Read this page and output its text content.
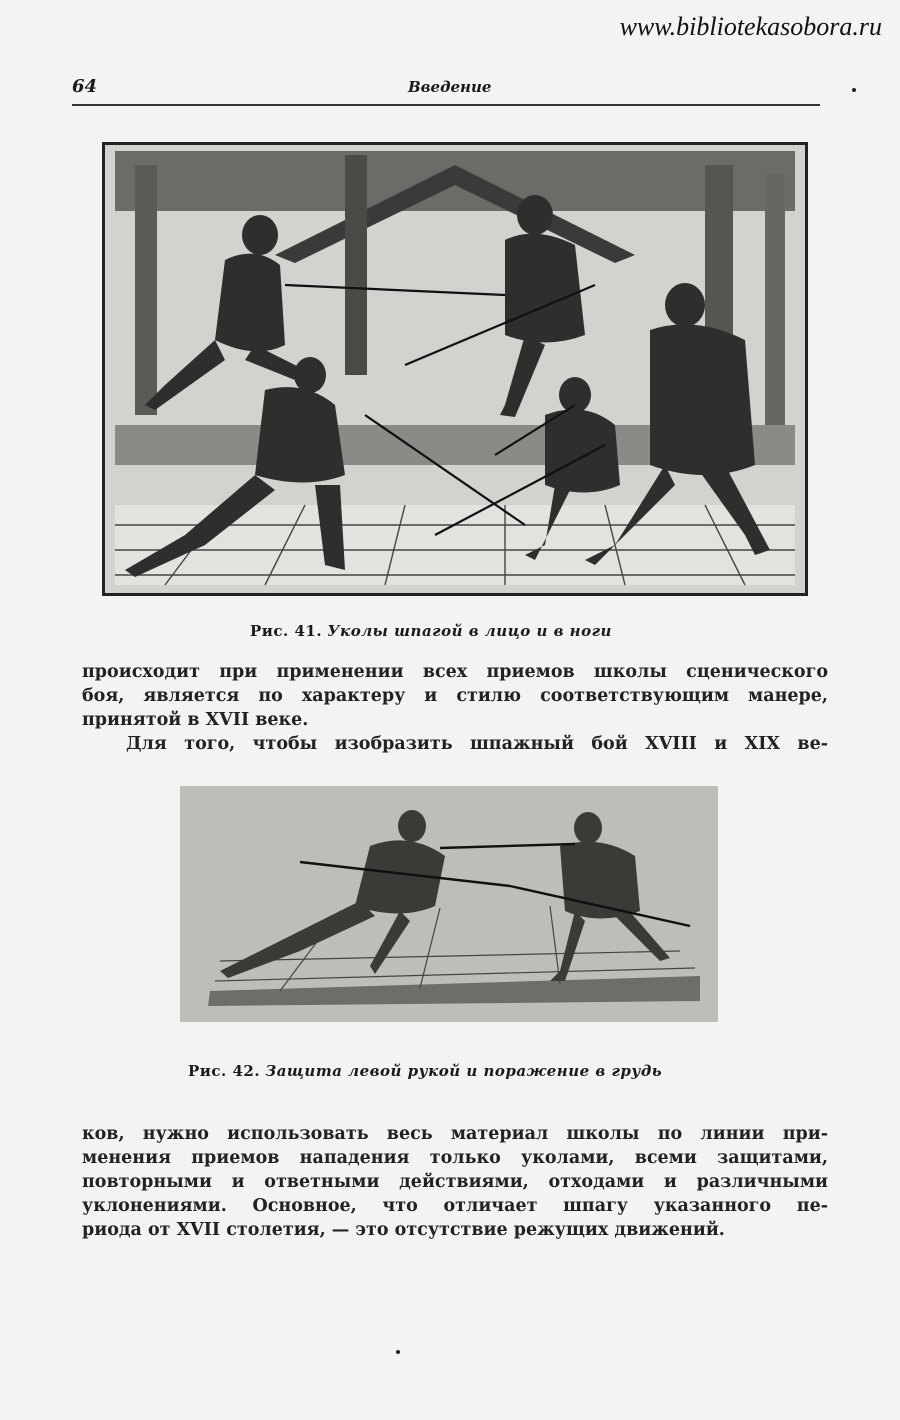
www.bibliotekasobora.ru
64	Введение
Рис. 41. Уколы шпагой в лицо и в ноги
происходит при применении всех приемов школы сценического
боя, является по характеру и стилю соответствующим манере,
принятой в XVII веке.
Для того, чтобы изобразить шпажный бой XVIII и XIX ве-
Рис. 42. Защита левой рукой и поражение в грудь
ков, нужно использовать весь материал школы по линии при-
менения приемов нападения только уколами, всеми защитами,
повторными и ответными действиями, отходами и различными
уклонениями. Основное, что отличает шпагу указанного пе-
риода от XVII столетия, — это отсутствие режущих движений.
